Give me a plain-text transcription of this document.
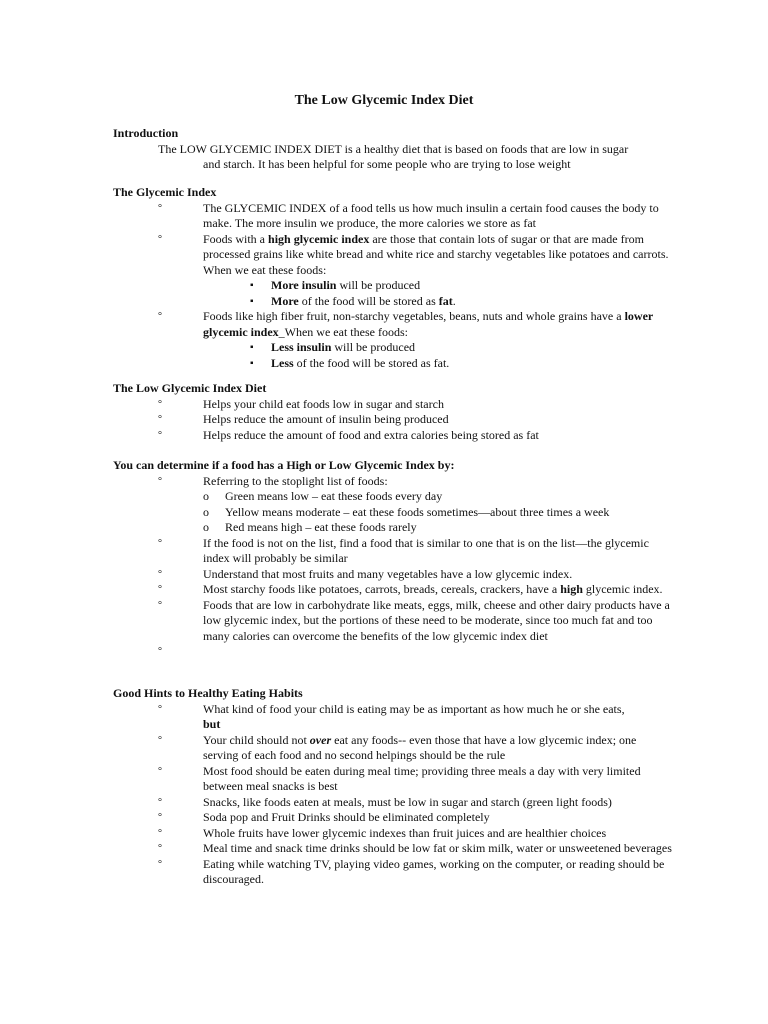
The Low Glycemic Index Diet
Introduction
The LOW GLYCEMIC INDEX DIET is a healthy diet that is based on foods that are low in sugar
and starch. It has been helpful for some people who are trying to lose weight
The Glycemic Index
°	The GLYCEMIC INDEX of a food tells us how much insulin a certain food causes the body to make. The more insulin we produce, the more calories we store as fat
°	Foods with a high glycemic index are those that contain lots of sugar or that are made from processed grains like white bread and white rice and starchy vegetables like potatoes and carrots. When we eat these foods:
▪ More insulin will be produced
▪ More of the food will be stored as fat.
°	Foods like high fiber fruit, non-starchy vegetables, beans, nuts and whole grains have a lower glycemic index_When we eat these foods:
▪ Less insulin will be produced
▪ Less of the food will be stored as fat.
The Low Glycemic Index Diet
°	Helps your child eat foods low in sugar and starch
°	Helps reduce the amount of insulin being produced
°	Helps reduce the amount of food and extra calories being stored as fat
You can determine if a food has a High or Low Glycemic Index by:
°	Referring to the stoplight list of foods:
o Green means low – eat these foods every day
o Yellow means moderate – eat these foods sometimes—about three times a week
o Red means high – eat these foods rarely
°	If the food is not on the list, find a food that is similar to one that is on the list—the glycemic index will probably be similar
°	Understand that most fruits and many vegetables have a low glycemic index.
°	Most starchy foods like potatoes, carrots, breads, cereals, crackers, have a high glycemic index.
°	Foods that are low in carbohydrate like meats, eggs, milk, cheese and other dairy products have a low glycemic index, but the portions of these need to be moderate, since too much fat and too many calories can overcome the benefits of the low glycemic index diet
°

Good Hints to Healthy Eating Habits
°	What kind of food your child is eating may be as important as how much he or she eats,
but
°	Your child should not over eat any foods-- even those that have a low glycemic index; one serving of each food and no second helpings should be the rule
°	Most food should be eaten during meal time; providing three meals a day with very limited between meal snacks is best
°	Snacks, like foods eaten at meals, must be low in sugar and starch (green light foods)
°	Soda pop and Fruit Drinks should be eliminated completely
°	Whole fruits have lower glycemic indexes than fruit juices and are healthier choices
°	Meal time and snack time drinks should be low fat or skim milk, water or unsweetened beverages
°	Eating while watching TV, playing video games, working on the computer, or reading should be discouraged.
